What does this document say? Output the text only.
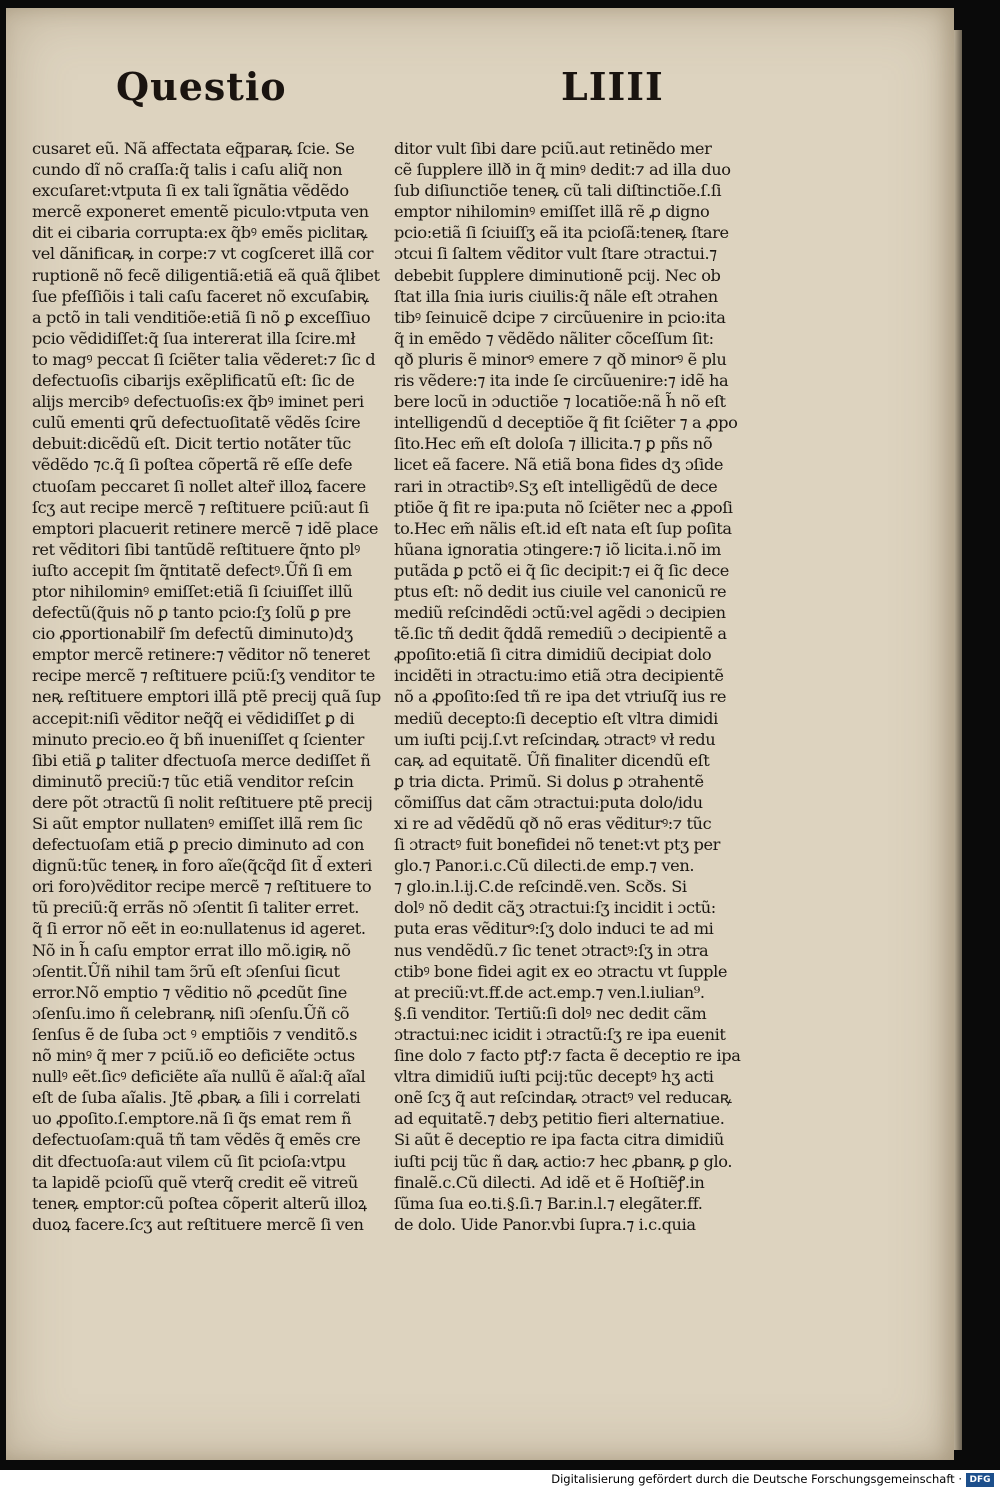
Questio	LIIII
cusaret eũ. Nã affectata eq̃paraꝶ ſcie. Se
cundo dĩ nõ craſſa:q̃ talis i caſu aliq̃ non
excuſaret:vtputa ſi ex tali ĩgnãtia vẽdẽdo
mercẽ exponeret ementẽ piculo:vtputa ven
dit ei cibaria corrupta:ex q̃bꝰ emẽs piclitaꝶ
vel dãnificaꝶ in corpe:⁊ vt cogſceret illã cor
ruptionẽ nõ fecẽ diligentiã:etiã eã quã q̃libet
ſue pfeſſiõis i tali caſu faceret nõ excuſabiꝶ
a pctõ in tali venditiõe:etiã ſi nõ ꝑ exceſſiuo
pcio vẽdidiſſet:q̃ ſua intererat illa ſcire.mł
to magꝰ peccat ſi ſciẽter talia vẽderet:⁊ ſic d
defectuoſis cibarijs exẽplificatũ eſt: ſic de
alijs mercibꝰ defectuoſis:ex q̃bꝰ iminet peri
culũ ementi ꝗrũ defectuoſitatẽ vẽdẽs ſcire
debuit:dicẽdũ eſt. Dicit tertio notãter tũc
vẽdẽdo ⁊c.q̃ ſi poſtea cõpertã rẽ eſſe defe
ctuoſam peccaret ſi nollet alter̃ illoꝝ facere
ſcʒ aut recipe mercẽ ⁊ reſtituere pciũ:aut ſi
emptori placuerit retinere mercẽ ⁊ idẽ place
ret vẽditori ſibi tantũdẽ reſtituere q̃nto plꝰ
iuſto accepit ſm q̃ntitatẽ defectꝰ.Ũñ ſi em
ptor nihilominꝰ emiſſet:etiã ſi ſciuiſſet illũ
defectũ(q̃uis nõ ꝑ tanto pcio:ſʒ ſolũ ꝑ pre
cio ꝓportionabilr̃ ſm defectũ diminuto)dʒ
emptor mercẽ retinere:⁊ vẽditor nõ teneret
recipe mercẽ ⁊ reſtituere pciũ:ſʒ venditor te
neꝶ reſtituere emptori illã ptẽ precij quã ſup
accepit:niſi vẽditor neq̃q̃ ei vẽdidiſſet ꝑ di
minuto precio.eo q̃ bñ inueniſſet q ſcienter
ſibi etiã ꝑ taliter dfectuoſa merce dediſſet ñ
diminutõ preciũ:⁊ tũc etiã venditor reſcin
dere põt ɔtractũ ſi nolit reſtituere ptẽ precij
Si aũt emptor nullatenꝰ emiſſet illã rem ſic
defectuoſam etiã ꝑ precio diminuto ad con
dignũ:tũc teneꝶ in foro aĩe(q̃cq̃d ſit d̃ exteri
ori foro)vẽditor recipe mercẽ ⁊ reſtituere to
tũ preciũ:q̃ errãs nõ ɔſentit ſi taliter erret.
q̃ ſi error nõ eẽt in eo:nullatenus id ageret.
Nõ in h̃ caſu emptor errat illo mõ.igiꝶ nõ
ɔſentit.Ũñ nihil tam ɔ̃rũ eſt ɔſenſui ſicut
error.Nõ emptio ⁊ vẽditio nõ ꝓcedũt ſine
ɔſenſu.imo ñ celebranꝶ niſi ɔſenſu.Ũñ cõ
ſenſus ẽ de ſuba ɔct ꝰ emptiõis ⁊ venditõ.s
nõ minꝰ q̃ mer ⁊ pciũ.iõ eo deficiẽte ɔctus
nullꝰ eẽt.ſicꝰ deficiẽte aĩa nullũ ẽ aĩal:q̃ aĩal
eſt de ſuba aĩalis. Jtẽ ꝓbaꝶ a ſili i correlati
uo ꝓpoſito.ſ.emptore.nã ſi q̃s emat rem ñ
defectuoſam:quã tñ tam vẽdẽs q̃ emẽs cre
dit dfectuoſa:aut vilem cũ ſit pcioſa:vtpu
ta lapidẽ pcioſũ quẽ vterq̃ credit eẽ vitreũ
teneꝶ emptor:cũ poſtea cõperit alterũ illoꝝ
duoꝝ facere.ſcʒ aut reſtituere mercẽ ſi ven
ditor vult ſibi dare pciũ.aut retinẽdo mer
cẽ ſupplere illð in q̃ minꝰ dedit:⁊ ad illa duo
ſub diſiunctiõe teneꝶ cũ tali diſtinctiõe.ſ.ſi
emptor nihilominꝰ emiſſet illã rẽ ꝓ digno
pcio:etiã ſi ſciuiſſʒ eã ita pcioſã:teneꝶ ſtare
ɔtcui ſi ſaltem vẽditor vult ſtare ɔtractui.⁊
debebit ſupplere diminutionẽ pcij. Nec ob
ſtat illa ſnia iuris ciuilis:q̃ nãle eſt ɔtrahen
tibꝰ ſeinuicẽ dcipe ⁊ circũuenire in pcio:ita
q̃ in emẽdo ⁊ vẽdẽdo nãliter cõceſſum ſit:
qð pluris ẽ minorꝰ emere ⁊ qð minorꝰ ẽ plu
ris vẽdere:⁊ ita inde ſe circũuenire:⁊ idẽ ha
bere locũ in ɔductiõe ⁊ locatiõe:nã h̃ nõ eſt
intelligendũ d deceptiõe q̃ fit ſciẽter ⁊ a ꝓpo
ſito.Hec em̃ eſt doloſa ⁊ illicita.⁊ ꝑ pñs nõ
licet eã facere. Nã etiã bona fides dʒ ɔſide
rari in ɔtractibꝰ.Sʒ eſt intelligẽdũ de dece
ptiõe q̃ fit re ipa:puta nõ ſciẽter nec a ꝓpoſi
to.Hec em̃ nãlis eſt.id eſt nata eſt ſup poſita
hũana ignoratia ɔtingere:⁊ iõ licita.i.nõ im
putãda ꝑ pctõ ei q̃ ſic decipit:⁊ ei q̃ ſic dece
ptus eſt: nõ dedit ius ciuile vel canonicũ re
mediũ reſcindẽdi ɔctũ:vel agẽdi ɔ decipien
tẽ.ſic tñ dedit q̃ddã remediũ ɔ decipientẽ a
ꝓpoſito:etiã ſi citra dimidiũ decipiat dolo
incidẽti in ɔtractu:imo etiã ɔtra decipientẽ
nõ a ꝓpoſito:ſed tñ re ipa det vtriuſq̃ ius re
mediũ decepto:ſi deceptio eſt vltra dimidi
um iuſti pcij.ſ.vt reſcindaꝶ ɔtractꝰ vł redu
caꝶ ad equitatẽ. Ũñ finaliter dicendũ eſt
ꝑ tria dicta. Primũ. Si dolus ꝑ ɔtrahentẽ
cõmiſſus dat cãm ɔtractui:puta dolo/idu
xi re ad vẽdẽdũ qð nõ eras vẽditurꝰ:⁊ tũc
ſi ɔtractꝰ fuit bonefidei nõ tenet:vt ptʒ per
glo.⁊ Panor.i.c.Cũ dilecti.de emp.⁊ ven.
⁊ glo.in.l.ij.C.de reſcindẽ.ven. Scðs. Si
dolꝰ nõ dedit cãʒ ɔtractui:ſʒ incidit i ɔctũ:
puta eras vẽditurꝰ:ſʒ dolo induci te ad mi
nus vendẽdũ.⁊ ſic tenet ɔtractꝰ:ſʒ in ɔtra
ctibꝰ bone fidei agit ex eo ɔtractu vt ſupple
at preciũ:vt.ff.de act.emp.⁊ ven.l.iulian⁹.
§.ſi venditor. Tertiũ:ſi dolꝰ nec dedit cãm
ɔtractui:nec icidit i ɔtractũ:ſʒ re ipa euenit
ſine dolo ⁊ facto ptꝭ:⁊ facta ẽ deceptio re ipa
vltra dimidiũ iuſti pcij:tũc deceptꝰ hʒ acti
onẽ ſcʒ q̃ aut reſcindaꝶ ɔtractꝰ vel reducaꝶ
ad equitatẽ.⁊ debʒ petitio fieri alternatiue.
Si aũt ẽ deceptio re ipa facta citra dimidiũ
iuſti pcij tũc ñ daꝶ actio:⁊ hec ꝓbanꝶ ꝑ glo.
finalẽ.c.Cũ dilecti. Ad idẽ et ẽ Hoſtiẽꝭ.in
ſũma ſua eo.ti.§.ſi.⁊ Bar.in.l.⁊ elegãter.ff.
de dolo. Uide Panor.vbi ſupra.⁊ i.c.quia
Digitalisierung gefördert durch die Deutsche Forschungsgemeinschaft · DFG
